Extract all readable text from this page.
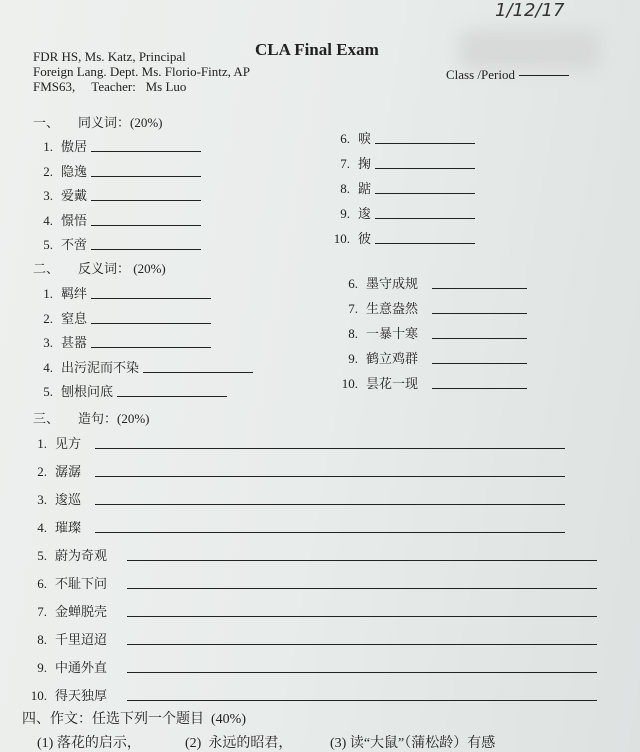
1/12/17
CLA Final Exam
FDR HS, Ms. Katz, Principal
Foreign Lang. Dept. Ms. Florio-Fintz, AP
FMS63,     Teacher:   Ms Luo
Class /Period
一、 同义词：(20%)
1. 傲居
2. 隐逸
3. 爱戴
4. 憬悟
5. 不啻
6. 唳
7. 掬
8. 踮
9. 逡
10. 彼
二、 反义词： (20%)
1. 羁绊
2. 窒息
3. 甚嚣
4. 出污泥而不染
5. 刨根问底
6. 墨守成规
7. 生意盎然
8. 一暴十寒
9. 鹤立鸡群
10. 昙花一现
三、 造句：(20%)
1. 见方
2. 潺潺
3. 逡巡
4. 璀璨
5. 蔚为奇观
6. 不耻下问
7. 金蝉脱壳
8. 千里迢迢
9. 中通外直
10. 得天独厚
四、作文：任选下列一个题目  (40%)
(1) 落花的启示，	(2)  永远的昭君，	(3) 读“大鼠”（蒲松龄）有感
